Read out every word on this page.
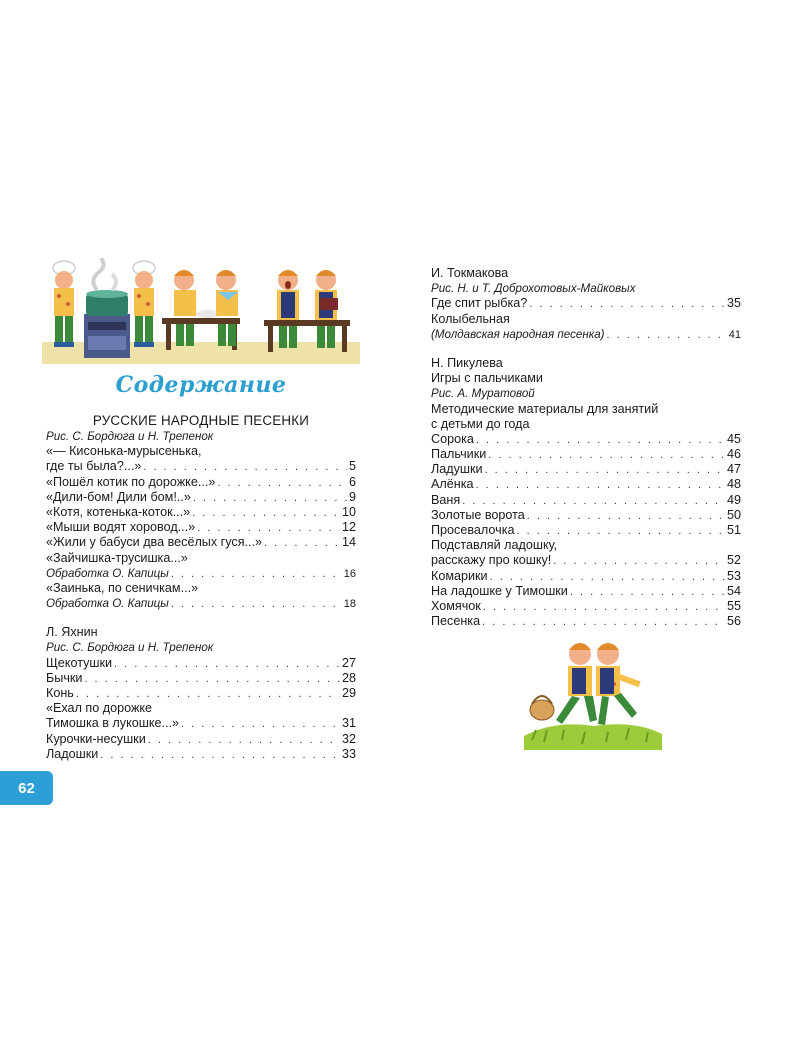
Содержание
РУССКИЕ НАРОДНЫЕ ПЕСЕНКИ
Рис. С. Бордюга и Н. Трепенок
«— Кисонька-мурысенька,
где ты была?...» . . .	5
«Пошёл котик по дорожке...» . . .	6
«Дили-бом! Дили бом!..» . . .	9
«Котя, котенька-коток...» . . .	10
«Мыши водят хоровод...» . . .	12
«Жили у бабуси два весёлых гуся...» . . .	14
«Зайчишка-трусишка...»
Обработка О. Капицы . . .	16
«Заинька, по сеничкам...»
Обработка О. Капицы . . .	18
Л. Яхнин
Рис. С. Бордюга и Н. Трепенок
Щекотушки . . .	27
Бычки . . .	28
Конь . . .	29
«Ехал по дорожке
Тимошка в лукошке...» . . .	31
Курочки-несушки . . .	32
Ладошки . . .	33
И. Токмакова
Рис. Н. и Т. Доброхотовых-Майковых
Где спит рыбка? . . .	35
Колыбельная
(Молдавская народная песенка) . . .	41
Н. Пикулева
Игры с пальчиками
Рис. А. Муратовой
Методические материалы для занятий
с детьми до года
Сорока . . .	45
Пальчики . . .	46
Ладушки . . .	47
Алёнка . . .	48
Ваня . . .	49
Золотые ворота . . .	50
Просевалочка . . .	51
Подставляй ладошку,
расскажу про кошку! . . .	52
Комарики . . .	53
На ладошке у Тимошки . . .	54
Хомячок . . .	55
Песенка . . .	56
62
